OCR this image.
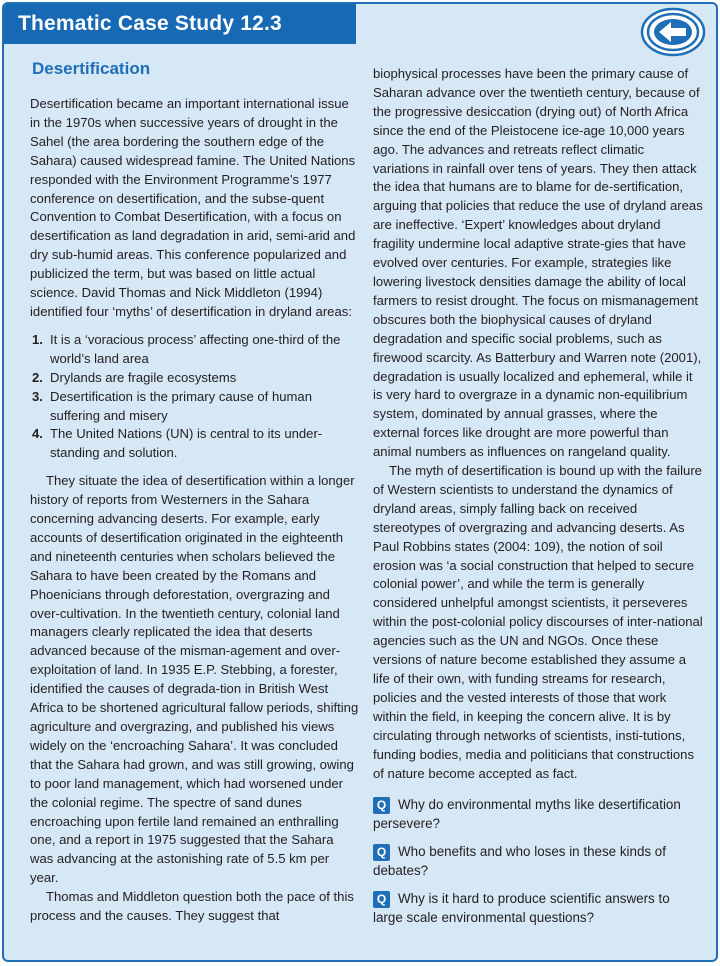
Thematic Case Study 12.3
Desertification

Desertification became an important international issue in the 1970s when successive years of drought in the Sahel (the area bordering the southern edge of the Sahara) caused widespread famine. The United Nations responded with the Environment Programme’s 1977 conference on desertification, and the subse-quent Convention to Combat Desertification, with a focus on desertification as land degradation in arid, semi-arid and dry sub-humid areas. This conference popularized and publicized the term, but was based on little actual science. David Thomas and Nick Middleton (1994) identified four ‘myths’ of desertification in dryland areas:

1. It is a ‘voracious process’ affecting one-third of the world’s land area
2. Drylands are fragile ecosystems
3. Desertification is the primary cause of human suffering and misery
4. The United Nations (UN) is central to its under-standing and solution.

They situate the idea of desertification within a longer history of reports from Westerners in the Sahara concerning advancing deserts. For example, early accounts of desertification originated in the eighteenth and nineteenth centuries when scholars believed the Sahara to have been created by the Romans and Phoenicians through deforestation, overgrazing and over-cultivation. In the twentieth century, colonial land managers clearly replicated the idea that deserts advanced because of the misman-agement and over-exploitation of land. In 1935 E.P. Stebbing, a forester, identified the causes of degrada-tion in British West Africa to be shortened agricultural fallow periods, shifting agriculture and overgrazing, and published his views widely on the ‘encroaching Sahara’. It was concluded that the Sahara had grown, and was still growing, owing to poor land management, which had worsened under the colonial regime. The spectre of sand dunes encroaching upon fertile land remained an enthralling one, and a report in 1975 suggested that the Sahara was advancing at the astonishing rate of 5.5 km per year.

Thomas and Middleton question both the pace of this process and the causes. They suggest that

biophysical processes have been the primary cause of Saharan advance over the twentieth century, because of the progressive desiccation (drying out) of North Africa since the end of the Pleistocene ice-age 10,000 years ago. The advances and retreats reflect climatic variations in rainfall over tens of years. They then attack the idea that humans are to blame for de-sertification, arguing that policies that reduce the use of dryland areas are ineffective. ‘Expert’ knowledges about dryland fragility undermine local adaptive strate-gies that have evolved over centuries. For example, strategies like lowering livestock densities damage the ability of local farmers to resist drought. The focus on mismanagement obscures both the biophysical causes of dryland degradation and specific social problems, such as firewood scarcity. As Batterbury and Warren note (2001), degradation is usually localized and ephemeral, while it is very hard to overgraze in a dynamic non-equilibrium system, dominated by annual grasses, where the external forces like drought are more powerful than animal numbers as influences on rangeland quality.

The myth of desertification is bound up with the failure of Western scientists to understand the dynamics of dryland areas, simply falling back on received stereotypes of overgrazing and advancing deserts. As Paul Robbins states (2004: 109), the notion of soil erosion was ‘a social construction that helped to secure colonial power’, and while the term is generally considered unhelpful amongst scientists, it perseveres within the post-colonial policy discourses of inter-national agencies such as the UN and NGOs. Once these versions of nature become established they assume a life of their own, with funding streams for research, policies and the vested interests of those that work within the field, in keeping the concern alive. It is by circulating through networks of scientists, insti-tutions, funding bodies, media and politicians that constructions of nature become accepted as fact.

Q Why do environmental myths like desertification persevere?
Q Who benefits and who loses in these kinds of debates?
Q Why is it hard to produce scientific answers to large scale environmental questions?
